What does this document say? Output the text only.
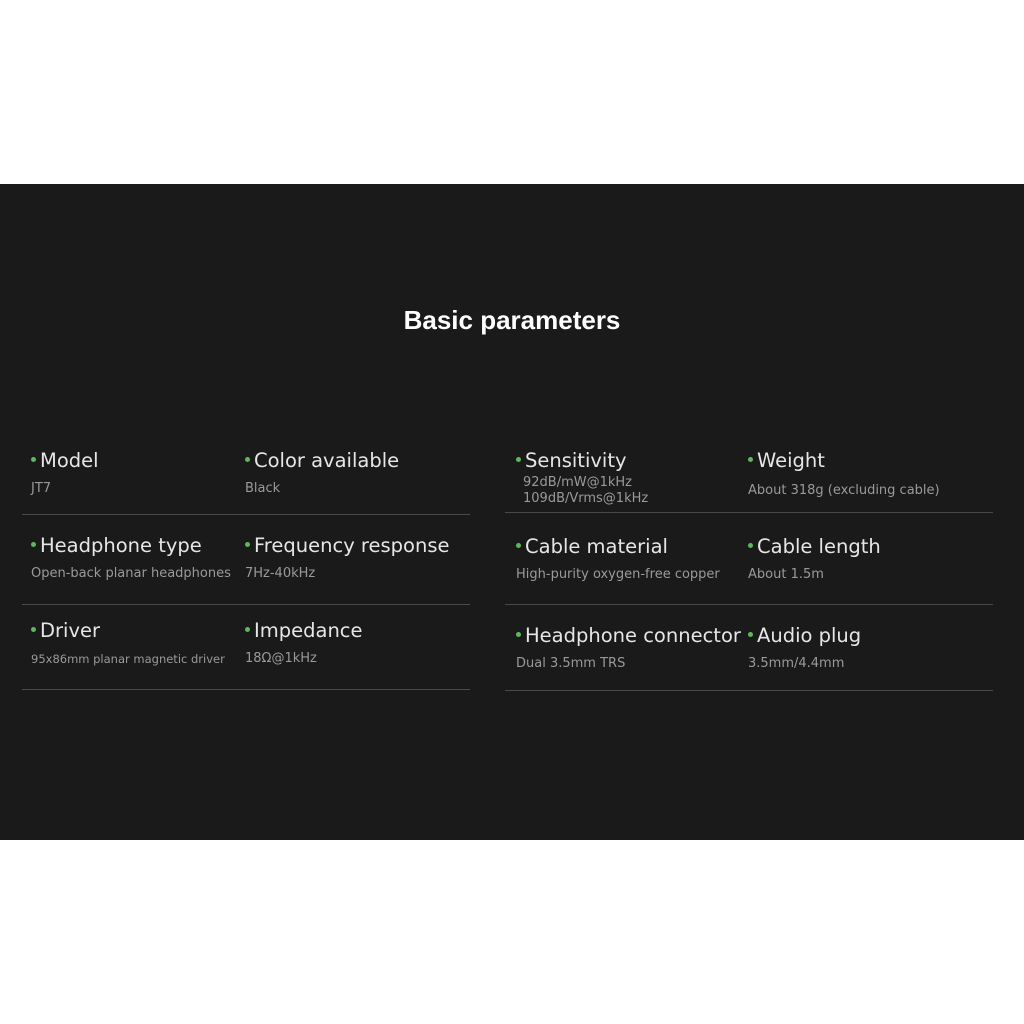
Basic parameters
Model
JT7
Color available
Black
Headphone type
Open-back planar headphones
Frequency response
7Hz-40kHz
Driver
95x86mm planar magnetic driver
Impedance
18Ω@1kHz
Sensitivity
92dB/mW@1kHz
109dB/Vrms@1kHz
Weight
About 318g (excluding cable)
Cable material
High-purity oxygen-free copper
Cable length
About 1.5m
Headphone connector
Dual 3.5mm TRS
Audio plug
3.5mm/4.4mm
